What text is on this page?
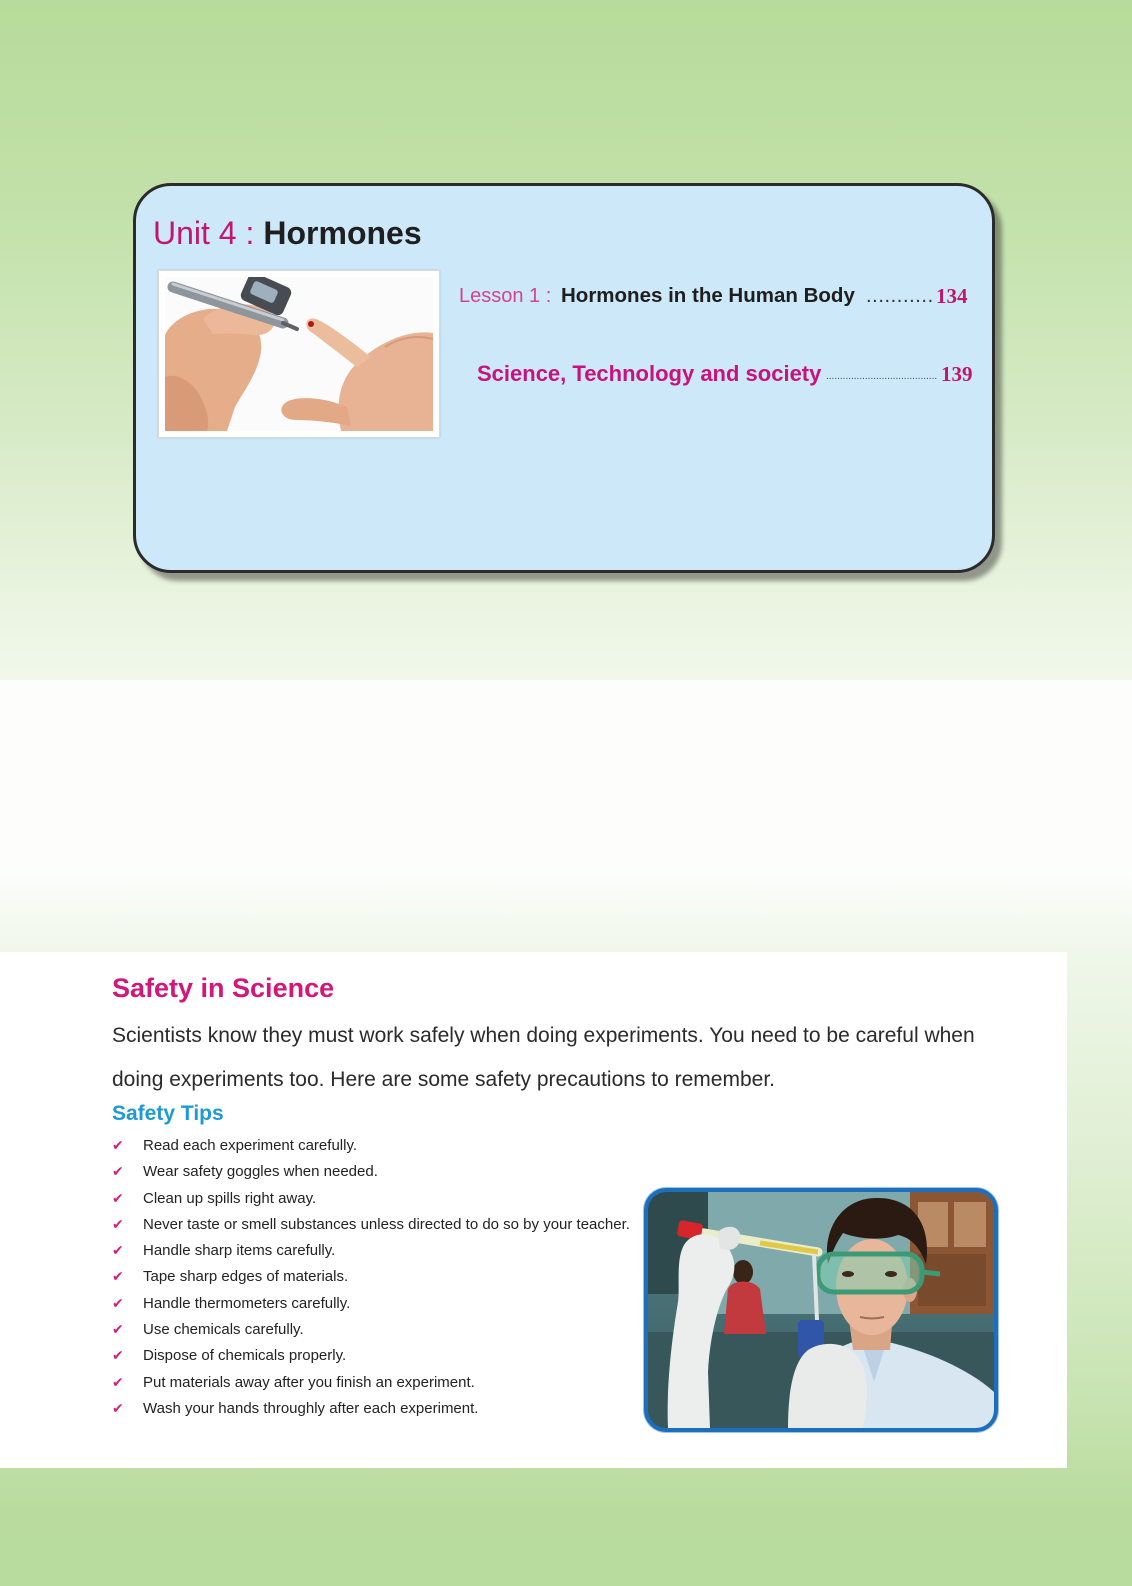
Unit 4 : Hormones
Lesson 1 : Hormones in the Human Body ........... 134
Science, Technology and society ........................................ 139
Safety in Science

Scientists know they must work safely when doing experiments. You need to be careful when doing experiments too. Here are some safety precautions to remember.

Safety Tips
✔Read each experiment carefully.
✔Wear safety goggles when needed.
✔Clean up spills right away.
✔Never taste or smell substances unless directed to do so by your teacher.
✔Handle sharp items carefully.
✔Tape sharp edges of materials.
✔Handle thermometers carefully.
✔Use chemicals carefully.
✔Dispose of chemicals properly.
✔Put materials away after you finish an experiment.
✔Wash your hands throughly after each experiment.
